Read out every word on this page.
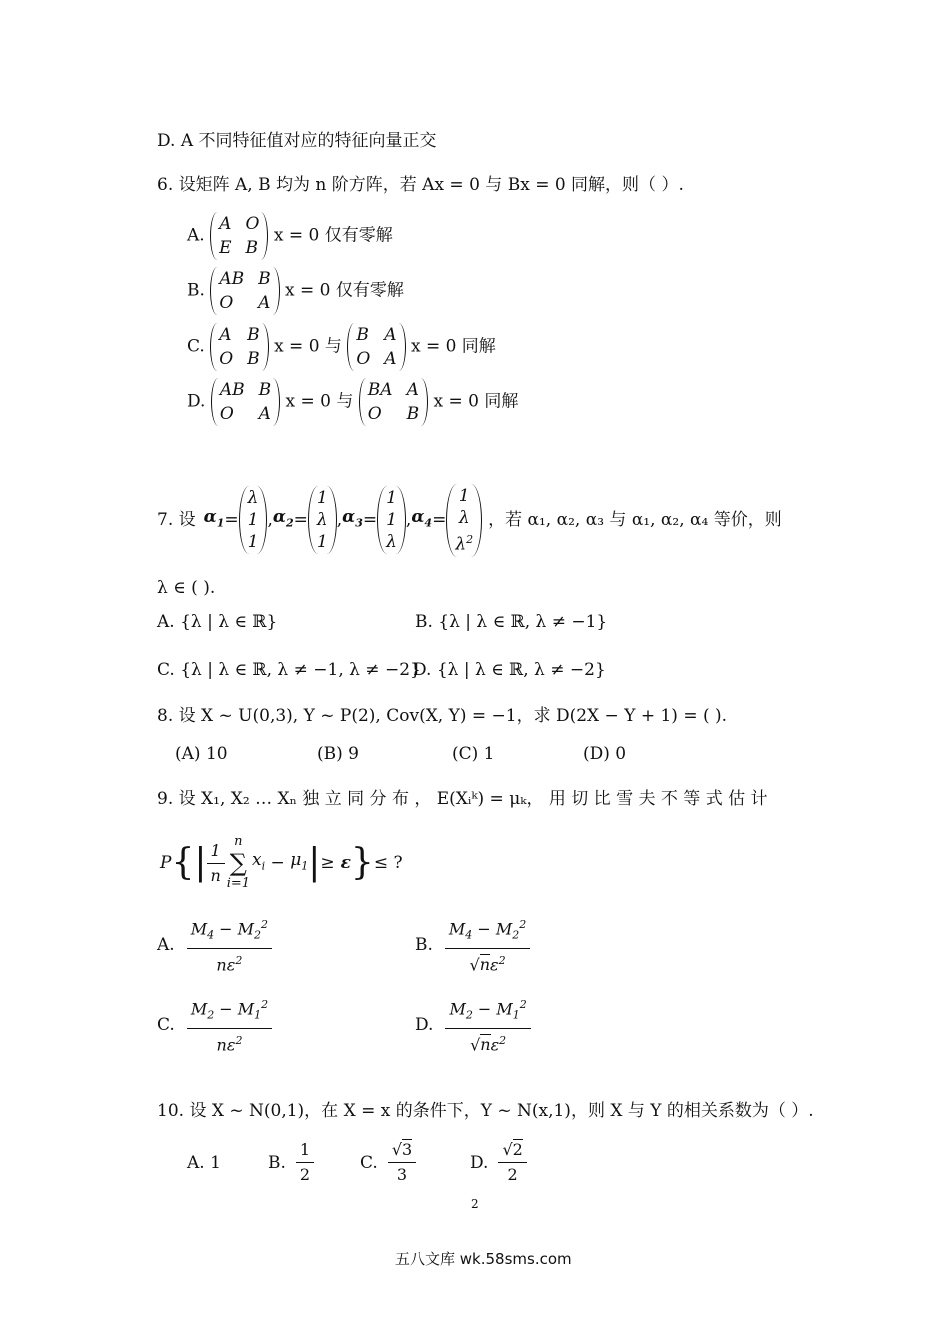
D. A 不同特征值对应的特征向量正交
6. 设矩阵 A, B 均为 n 阶方阵，若 Ax = 0 与 Bx = 0 同解，则（ ）.
A.
A O
E B
x = 0 仅有零解
B.
AB B
O	A
x = 0 仅有零解
C.
A B
O B
x = 0 与
B A
O A
x = 0 同解
D.
AB B
O	A
x = 0 与
BA A
O	B
x = 0 同解
7. 设 $\alpha_1$ =
λ
1
1
, $\alpha_2$ =
1
λ
1
, $\alpha_3$ =
1
1
λ
, $\alpha_4$ =
1
λ
$\lambda^2$
，若 α₁, α₂, α₃ 与 α₁, α₂, α₄ 等价，则
λ ∈ ( ).
A. {λ | λ ∈ ℝ}	B. {λ | λ ∈ ℝ, λ ≠ −1}
C. {λ | λ ∈ ℝ, λ ≠ −1, λ ≠ −2}
D. {λ | λ ∈ ℝ, λ ≠ −2}
8. 设 X ~ U(0,3), Y ~ P(2), Cov(X, Y) = −1，求 D(2X − Y + 1) = ( ).
(A) 10	(B) 9	(C) 1	(D) 0
9. 设 X₁, X₂ … Xₙ 独 立 同 分 布 ， E(Xᵢᵏ) = μₖ， 用 切 比 雪 夫 不 等 式 估 计
P { | $\frac{1}{n}$ n
∑
i=1
$x_i - \mu_1$ | ≥ ε } ≤ ?
A. $\frac{M_4 - M_2^2}{n\varepsilon^2}$	B. $\frac{M_4 - M_2^2}{√n\varepsilon^2}$
C. $\frac{M_2 - M_1^2}{n\varepsilon^2}$	D. $\frac{M_2 - M_1^2}{√n\varepsilon^2}$
10. 设 X ~ N(0,1)，在 X = x 的条件下，Y ~ N(x,1)，则 X 与 Y 的相关系数为（ ）.
A. 1	B. $\frac{1}{2}$	C. $\frac{√3}{3}$	D. $\frac{√2}{2}$
2
五八文库 wk.58sms.com
